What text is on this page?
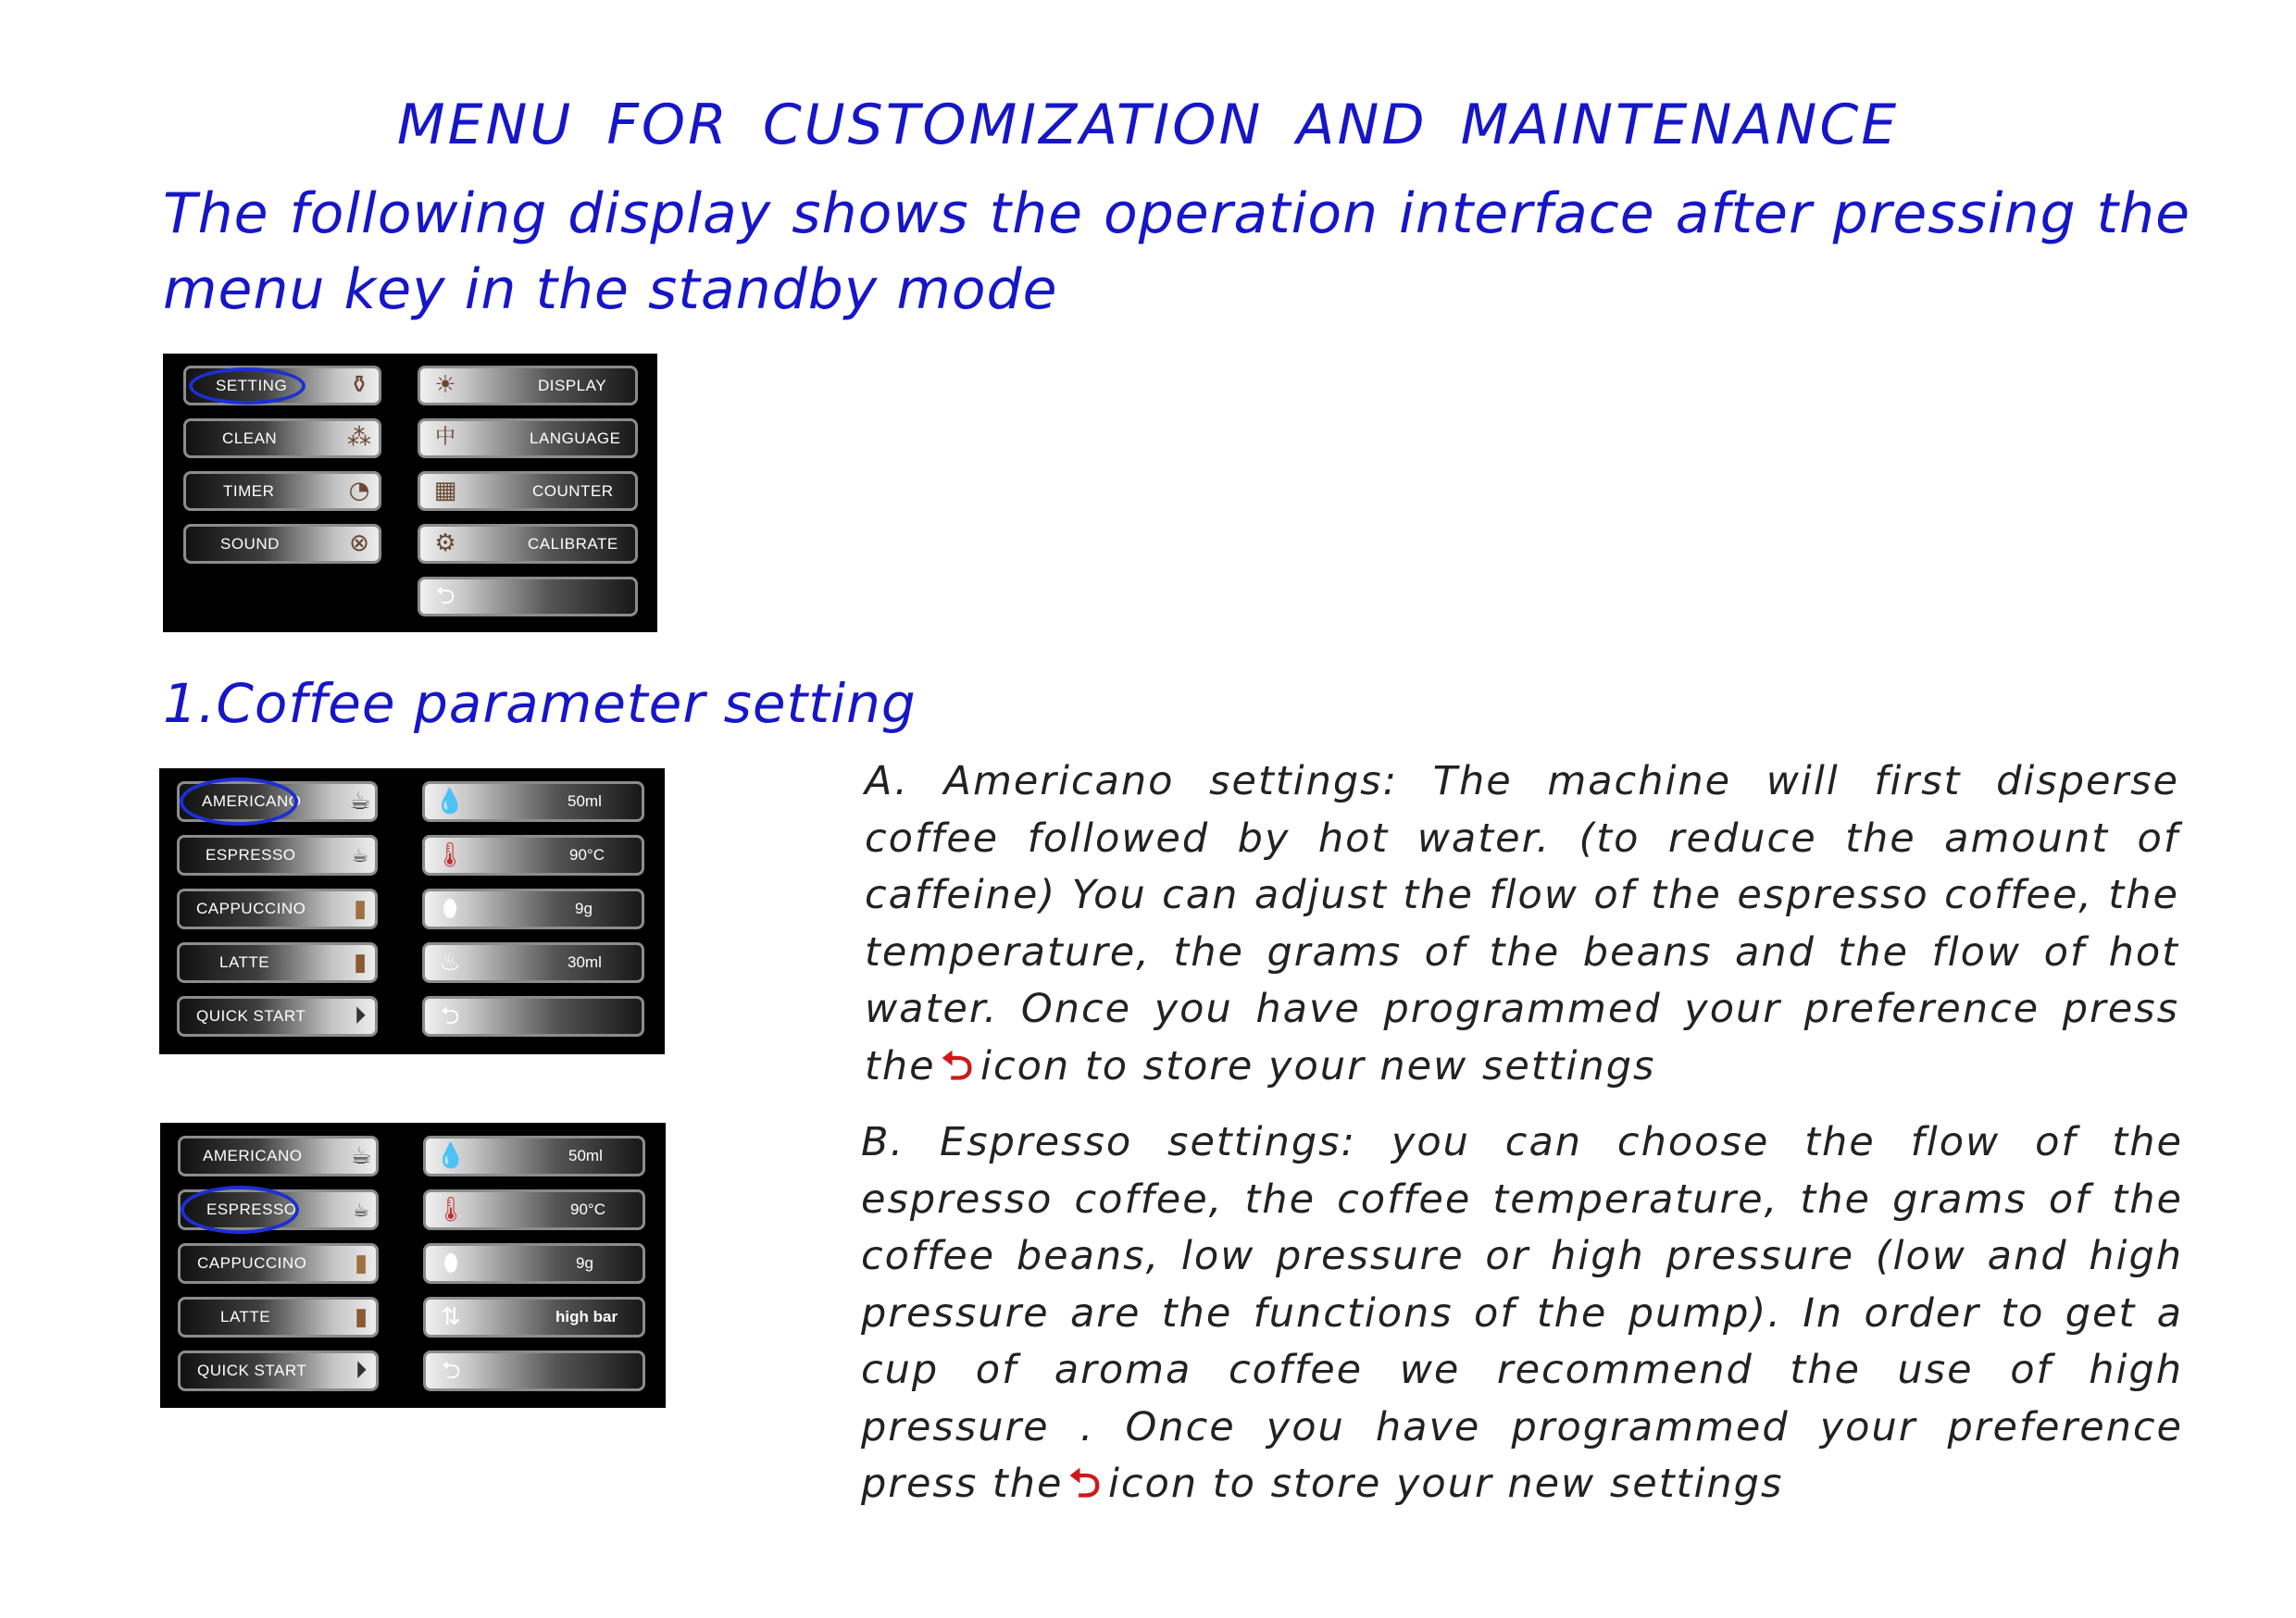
MENU FOR CUSTOMIZATION AND MAINTENANCE
The following display shows the operation interface after pressing the menu key in the standby mode
SETTING	⚱
CLEAN	⁂
TIMER	◔
SOUND	⊗
☀	DISPLAY
中	LANGUAGE
▦	COUNTER
⚙	CALIBRATE
⮌
1.Coffee parameter setting
AMERICANO ☕
ESPRESSO	☕
CAPPUCCINO	▮
LATTE	▮
QUICK START	⏵
💧	50ml
🌡	90°C
⬮	9g
♨	30ml
⮌
AMERICANO ☕
ESPRESSO	☕
CAPPUCCINO	▮
LATTE	▮
QUICK START	⏵
💧	50ml
🌡	90°C
⬮	9g
⇅	high bar
⮌
A. Americano settings: The machine will first disperse coffee followed by hot water. (to reduce the amount of caffeine) You can adjust the flow of the espresso coffee, the temperature, the grams of the beans and the flow of hot water. Once you have programmed your preference press the ⮌ icon to store your new settings
B. Espresso settings: you can choose the flow of the espresso coffee, the coffee temperature, the grams of the coffee beans, low pressure or high pressure (low and high pressure are the functions of the pump). In order to get a cup of aroma coffee we recommend the use of high pressure . Once you have programmed your preference press the ⮌ icon to store your new settings
